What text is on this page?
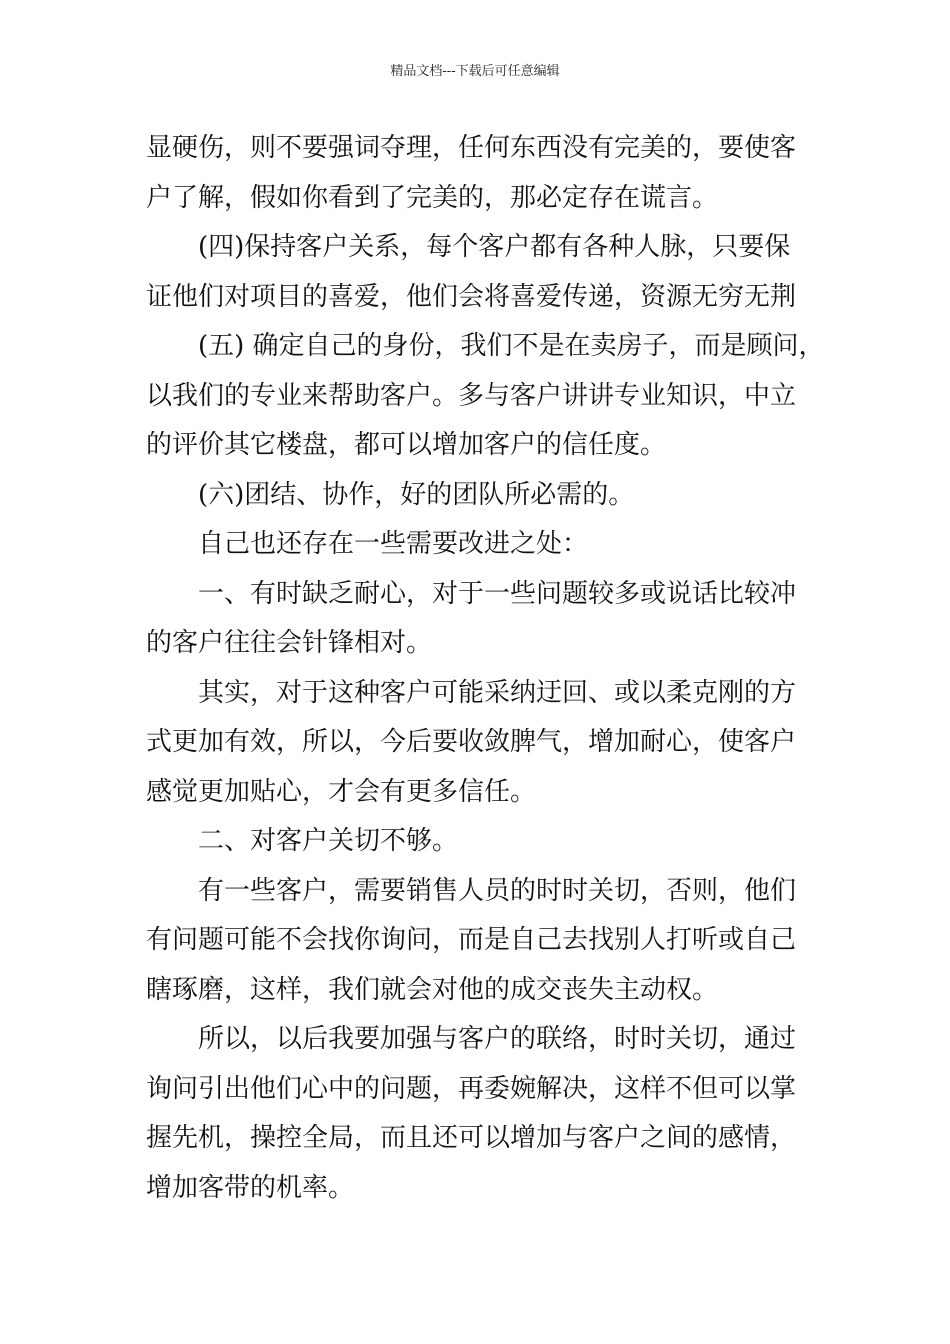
精品文档---下载后可任意编辑
显硬伤，则不要强词夺理，任何东西没有完美的，要使客
户了解，假如你看到了完美的，那必定存在谎言。
(四)保持客户关系，每个客户都有各种人脉，只要保
证他们对项目的喜爱，他们会将喜爱传递，资源无穷无荆
(五) 确定自己的身份，我们不是在卖房子，而是顾问，
以我们的专业来帮助客户。多与客户讲讲专业知识，中立
的评价其它楼盘，都可以增加客户的信任度。
(六)团结、协作，好的团队所必需的。
自己也还存在一些需要改进之处：
一、有时缺乏耐心，对于一些问题较多或说话比较冲
的客户往往会针锋相对。
其实，对于这种客户可能采纳迂回、或以柔克刚的方
式更加有效，所以，今后要收敛脾气，增加耐心，使客户
感觉更加贴心，才会有更多信任。
二、对客户关切不够。
有一些客户，需要销售人员的时时关切，否则，他们
有问题可能不会找你询问，而是自己去找别人打听或自己
瞎琢磨，这样，我们就会对他的成交丧失主动权。
所以，以后我要加强与客户的联络，时时关切，通过
询问引出他们心中的问题，再委婉解决，这样不但可以掌
握先机，操控全局，而且还可以增加与客户之间的感情，
增加客带的机率。
